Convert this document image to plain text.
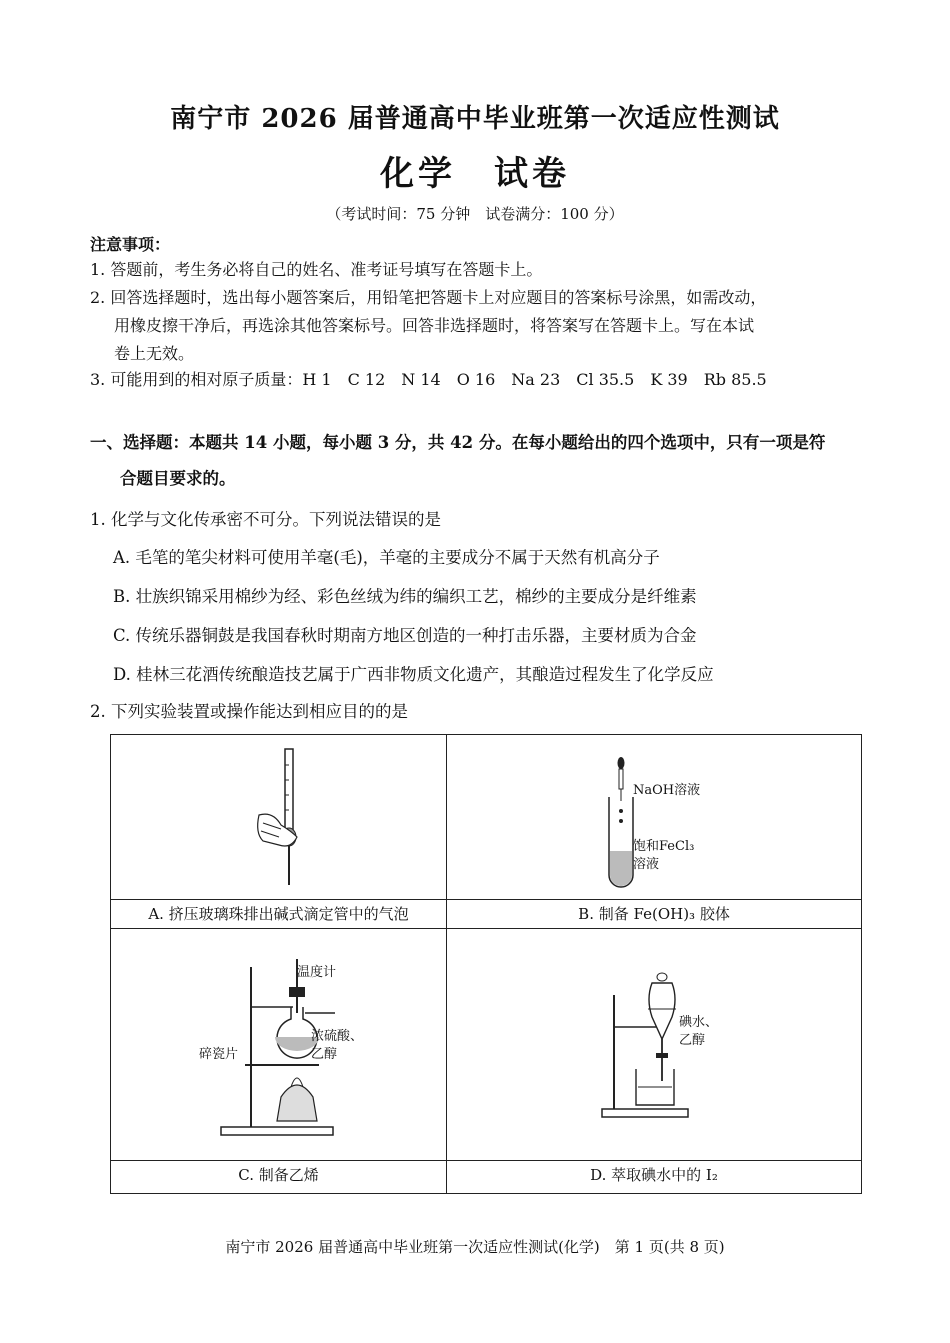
南宁市 2026 届普通高中毕业班第一次适应性测试
化学　试卷
（考试时间：75 分钟　试卷满分：100 分）
注意事项：
1. 答题前，考生务必将自己的姓名、准考证号填写在答题卡上。
2. 回答选择题时，选出每小题答案后，用铅笔把答题卡上对应题目的答案标号涂黑，如需改动，
用橡皮擦干净后，再选涂其他答案标号。回答非选择题时，将答案写在答题卡上。写在本试
卷上无效。
3. 可能用到的相对原子质量：H 1　C 12　N 14　O 16　Na 23　Cl 35.5　K 39　Rb 85.5
一、选择题：本题共 14 小题，每小题 3 分，共 42 分。在每小题给出的四个选项中，只有一项是符
合题目要求的。
1. 化学与文化传承密不可分。下列说法错误的是
A. 毛笔的笔尖材料可使用羊毫(毛)，羊毫的主要成分不属于天然有机高分子
B. 壮族织锦采用棉纱为经、彩色丝绒为纬的编织工艺，棉纱的主要成分是纤维素
C. 传统乐器铜鼓是我国春秋时期南方地区创造的一种打击乐器，主要材质为合金
D. 桂林三花酒传统酿造技艺属于广西非物质文化遗产，其酿造过程发生了化学反应
2. 下列实验装置或操作能达到相应目的的是
A. 挤压玻璃珠排出碱式滴定管中的气泡
NaOH溶液
饱和FeCl₃
溶液
B. 制备 Fe(OH)₃ 胶体
温度计
浓硫酸、
乙醇
碎瓷片
C. 制备乙烯
碘水、
乙醇
D. 萃取碘水中的 I₂
南宁市 2026 届普通高中毕业班第一次适应性测试(化学)　第 1 页(共 8 页)
